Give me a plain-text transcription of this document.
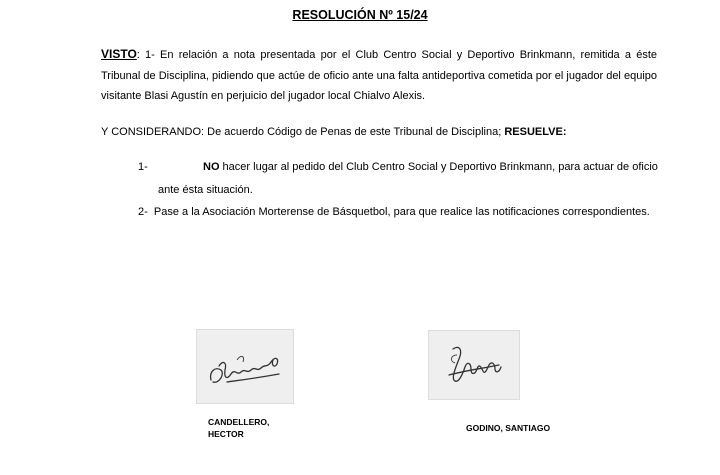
RESOLUCIÓN Nº 15/24
VISTO: 1- En relación a nota presentada por el Club Centro Social y Deportivo Brinkmann, remitida a éste Tribunal de Disciplina, pidiendo que actúe de oficio ante una falta antideportiva cometida por el jugador del equipo visitante Blasi Agustín en perjuicio del jugador local Chialvo Alexis.
Y CONSIDERANDO: De acuerdo Código de Penas de este Tribunal de Disciplina; RESUELVE:
1-	NO hacer lugar al pedido del Club Centro Social y Deportivo Brinkmann, para actuar de oficio
ante ésta situación.
2- Pase a la Asociación Morterense de Básquetbol, para que realice las notificaciones correspondientes.
CANDELLERO,
HECTOR
GODINO, SANTIAGO
